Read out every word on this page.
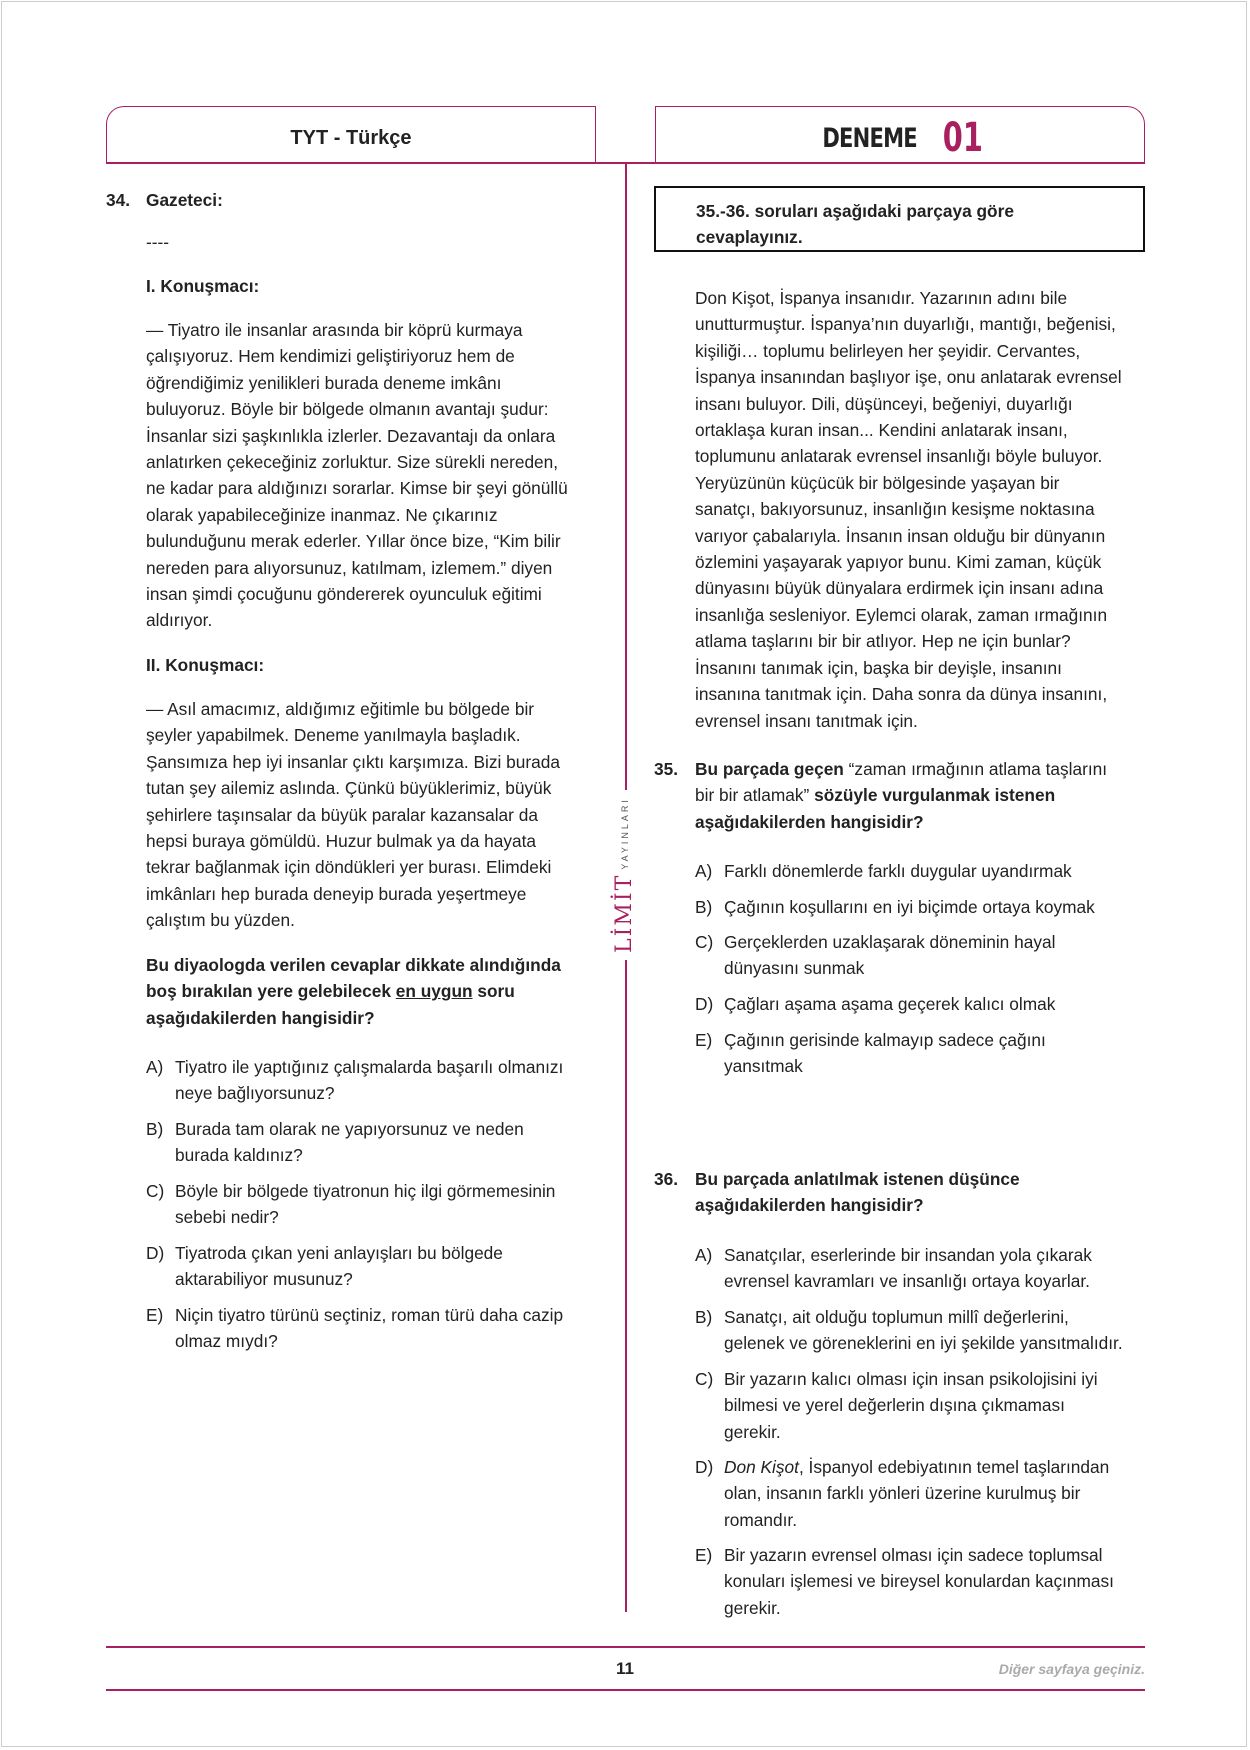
TYT - Türkçe	DENEME 01
LİMİTYAYINLARI
34. Gazeteci:
----
I. Konuşmacı:
— Tiyatro ile insanlar arasında bir köprü kurmaya
çalışıyoruz. Hem kendimizi geliştiriyoruz hem de
öğrendiğimiz yenilikleri burada deneme imkânı
buluyoruz. Böyle bir bölgede olmanın avantajı şudur:
İnsanlar sizi şaşkınlıkla izlerler. Dezavantajı da onlara
anlatırken çekeceğiniz zorluktur. Size sürekli nereden,
ne kadar para aldığınızı sorarlar. Kimse bir şeyi gönüllü
olarak yapabileceğinize inanmaz. Ne çıkarınız
bulunduğunu merak ederler. Yıllar önce bize, “Kim bilir
nereden para alıyorsunuz, katılmam, izlemem.” diyen
insan şimdi çocuğunu göndererek oyunculuk eğitimi
aldırıyor.
II. Konuşmacı:
— Asıl amacımız, aldığımız eğitimle bu bölgede bir
şeyler yapabilmek. Deneme yanılmayla başladık.
Şansımıza hep iyi insanlar çıktı karşımıza. Bizi burada
tutan şey ailemiz aslında. Çünkü büyüklerimiz, büyük
şehirlere taşınsalar da büyük paralar kazansalar da
hepsi buraya gömüldü. Huzur bulmak ya da hayata
tekrar bağlanmak için döndükleri yer burası. Elimdeki
imkânları hep burada deneyip burada yeşertmeye
çalıştım bu yüzden.
Bu diyaologda verilen cevaplar dikkate alındığında
boş bırakılan yere gelebilecek en uygun soru
aşağıdakilerden hangisidir?
A) Tiyatro ile yaptığınız çalışmalarda başarılı olmanızı
neye bağlıyorsunuz?
B) Burada tam olarak ne yapıyorsunuz ve neden
burada kaldınız?
C) Böyle bir bölgede tiyatronun hiç ilgi görmemesinin
sebebi nedir?
D) Tiyatroda çıkan yeni anlayışları bu bölgede
aktarabiliyor musunuz?
E) Niçin tiyatro türünü seçtiniz, roman türü daha cazip
olmaz mıydı?
35.-36. soruları aşağıdaki parçaya göre
cevaplayınız.
Don Kişot, İspanya insanıdır. Yazarının adını bile
unutturmuştur. İspanya’nın duyarlığı, mantığı, beğenisi,
kişiliği… toplumu belirleyen her şeyidir. Cervantes,
İspanya insanından başlıyor işe, onu anlatarak evrensel
insanı buluyor. Dili, düşünceyi, beğeniyi, duyarlığı
ortaklaşa kuran insan... Kendini anlatarak insanı,
toplumunu anlatarak evrensel insanlığı böyle buluyor.
Yeryüzünün küçücük bir bölgesinde yaşayan bir
sanatçı, bakıyorsunuz, insanlığın kesişme noktasına
varıyor çabalarıyla. İnsanın insan olduğu bir dünyanın
özlemini yaşayarak yapıyor bunu. Kimi zaman, küçük
dünyasını büyük dünyalara erdirmek için insanı adına
insanlığa sesleniyor. Eylemci olarak, zaman ırmağının
atlama taşlarını bir bir atlıyor. Hep ne için bunlar?
İnsanını tanımak için, başka bir deyişle, insanını
insanına tanıtmak için. Daha sonra da dünya insanını,
evrensel insanı tanıtmak için.
35. Bu parçada geçen “zaman ırmağının atlama taşlarını
bir bir atlamak” sözüyle vurgulanmak istenen
aşağıdakilerden hangisidir?
A) Farklı dönemlerde farklı duygular uyandırmak
B) Çağının koşullarını en iyi biçimde ortaya koymak
C) Gerçeklerden uzaklaşarak döneminin hayal
dünyasını sunmak
D) Çağları aşama aşama geçerek kalıcı olmak
E) Çağının gerisinde kalmayıp sadece çağını
yansıtmak
36. Bu parçada anlatılmak istenen düşünce
aşağıdakilerden hangisidir?
A) Sanatçılar, eserlerinde bir insandan yola çıkarak
evrensel kavramları ve insanlığı ortaya koyarlar.
B) Sanatçı, ait olduğu toplumun millî değerlerini,
gelenek ve göreneklerini en iyi şekilde yansıtmalıdır.
C) Bir yazarın kalıcı olması için insan psikolojisini iyi
bilmesi ve yerel değerlerin dışına çıkmaması
gerekir.
D) Don Kişot, İspanyol edebiyatının temel taşlarından
olan, insanın farklı yönleri üzerine kurulmuş bir
romandır.
E) Bir yazarın evrensel olması için sadece toplumsal
konuları işlemesi ve bireysel konulardan kaçınması
gerekir.
11	Diğer sayfaya geçiniz.
